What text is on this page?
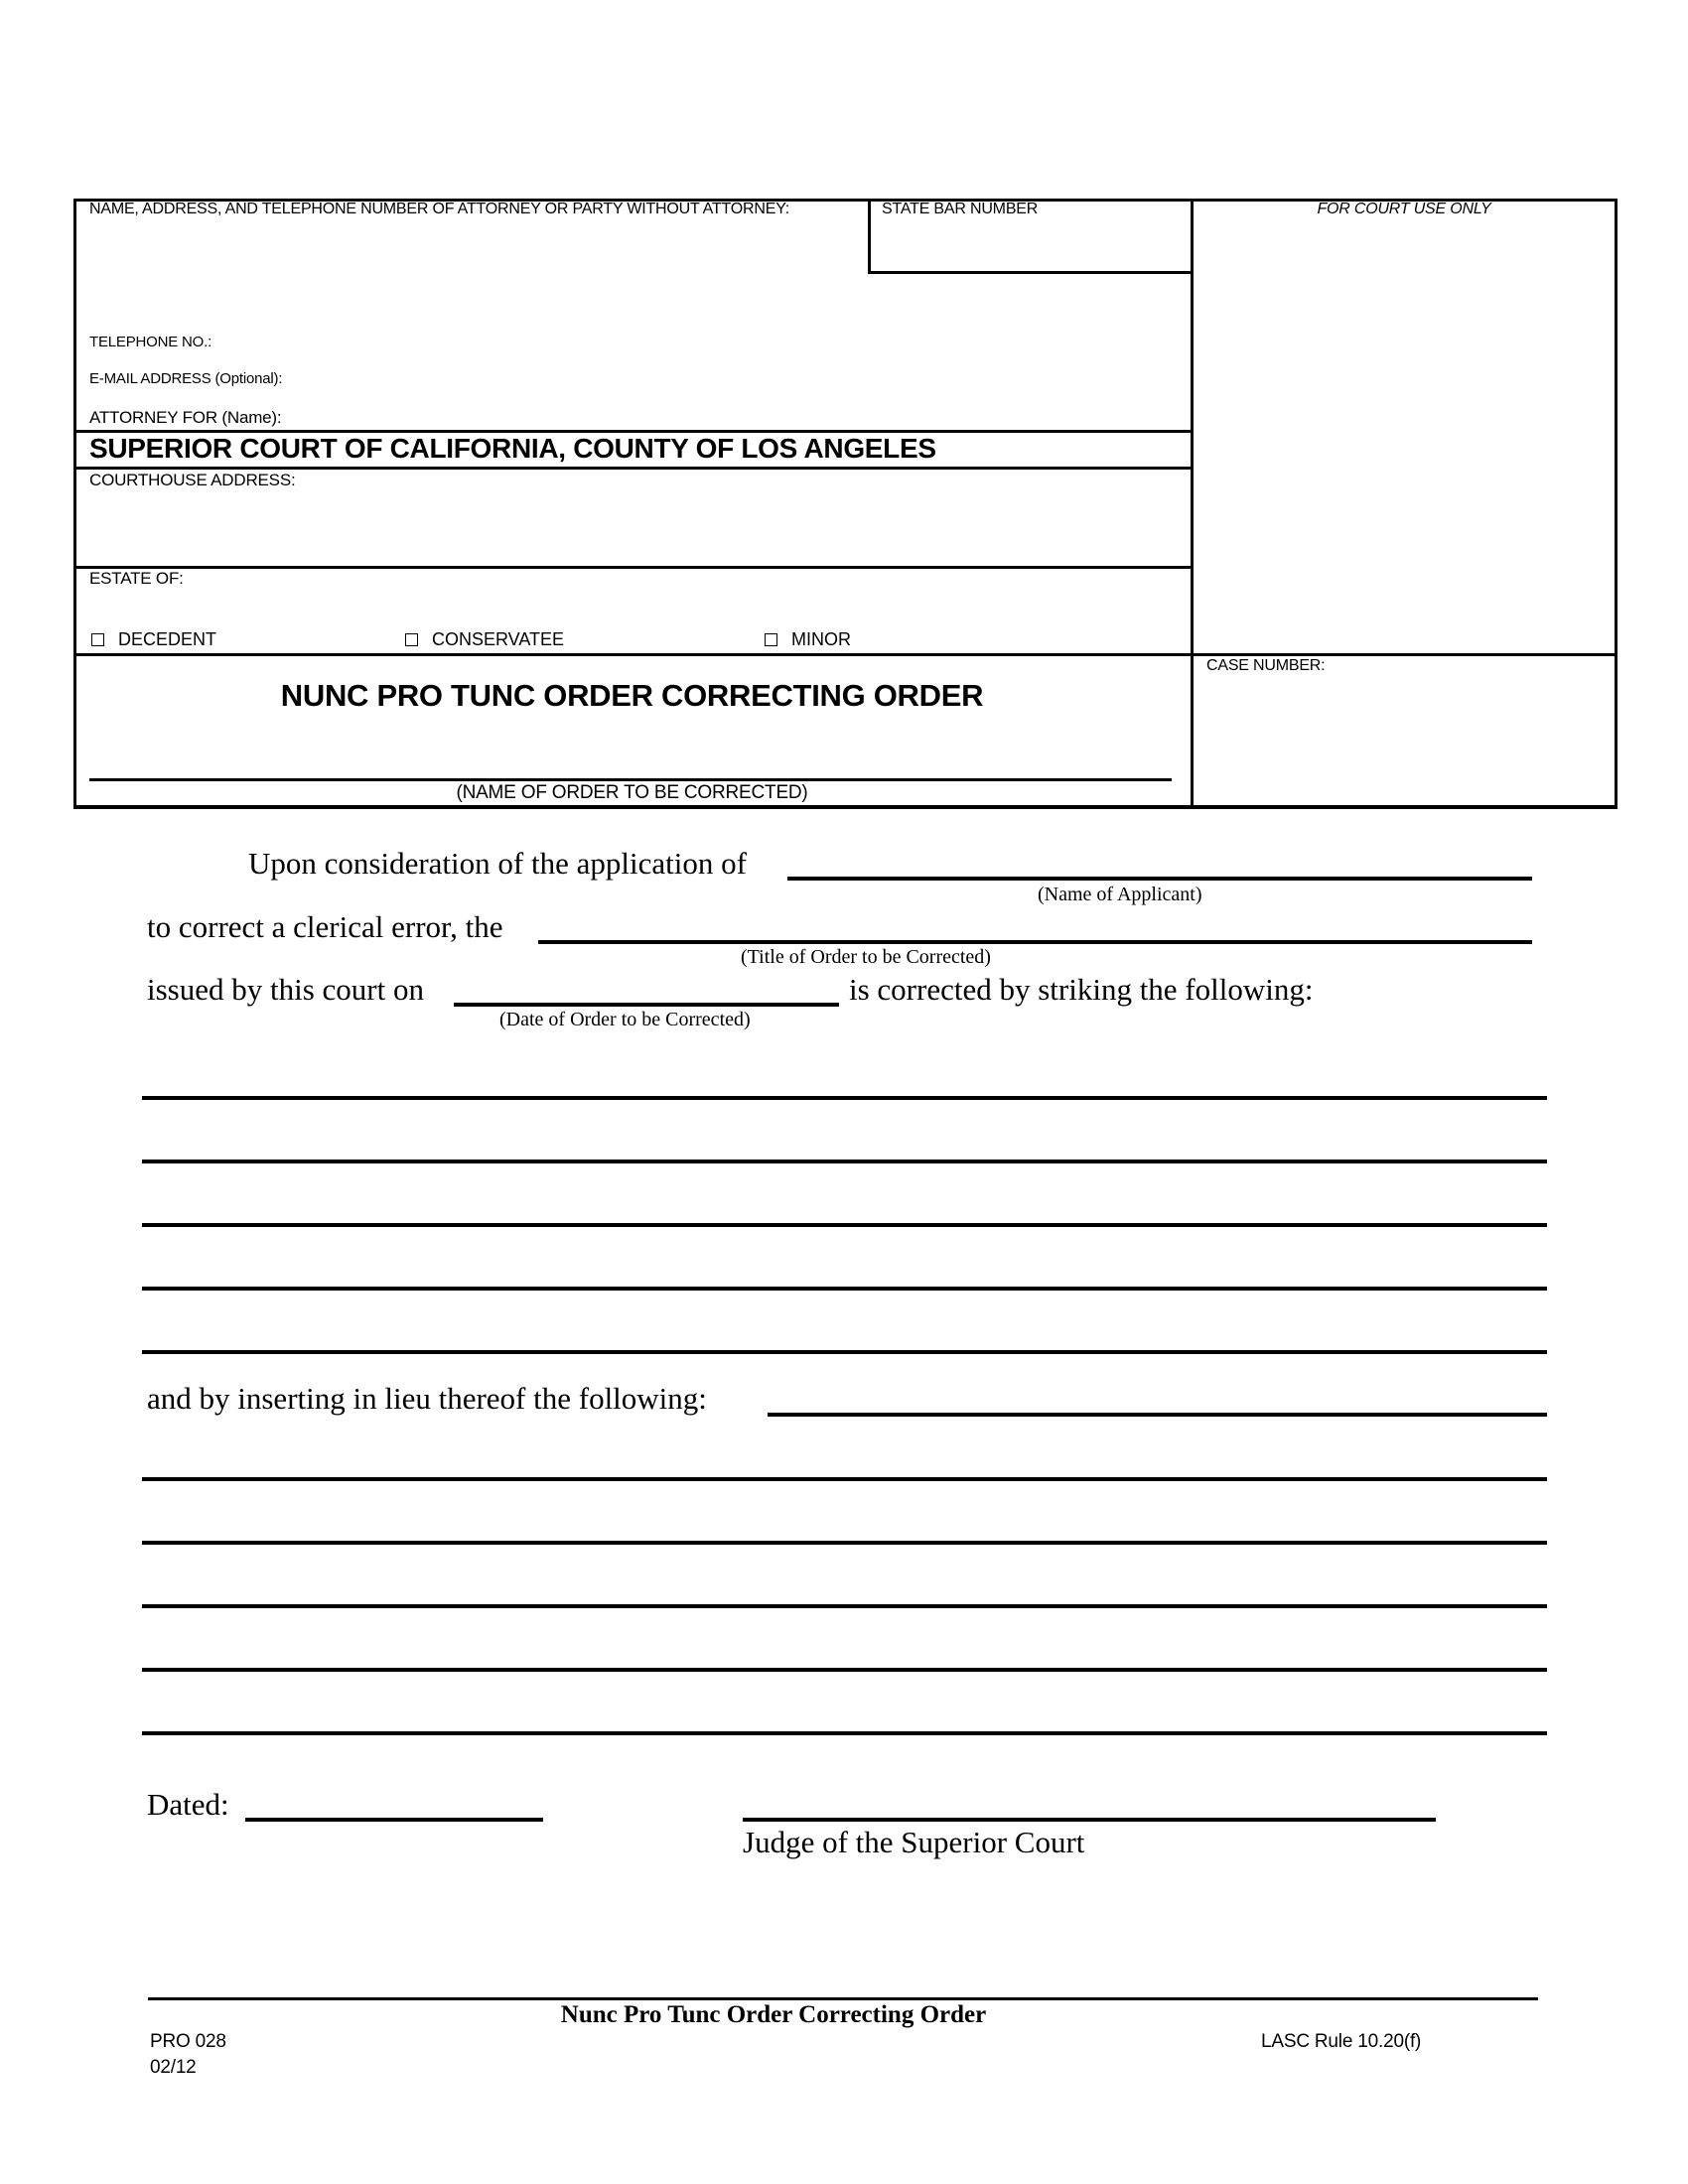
NAME, ADDRESS, AND TELEPHONE NUMBER OF ATTORNEY OR PARTY WITHOUT ATTORNEY:	STATE BAR NUMBER	FOR COURT USE ONLY
TELEPHONE NO.:
E-MAIL ADDRESS (Optional):
ATTORNEY FOR (Name):
SUPERIOR COURT OF CALIFORNIA, COUNTY OF LOS ANGELES
COURTHOUSE ADDRESS:
ESTATE OF:
DECEDENT	CONSERVATEE	MINOR
NUNC PRO TUNC ORDER CORRECTING ORDER
(NAME OF ORDER TO BE CORRECTED)
CASE NUMBER:
Upon consideration of the application of
(Name of Applicant)
to correct a clerical error, the
(Title of Order to be Corrected)
issued by this court on	is corrected by striking the following:
(Date of Order to be Corrected)
and by inserting in lieu thereof the following:
Dated:
Judge of the Superior Court
Nunc Pro Tunc Order Correcting Order
PRO 028
02/12
LASC Rule 10.20(f)
